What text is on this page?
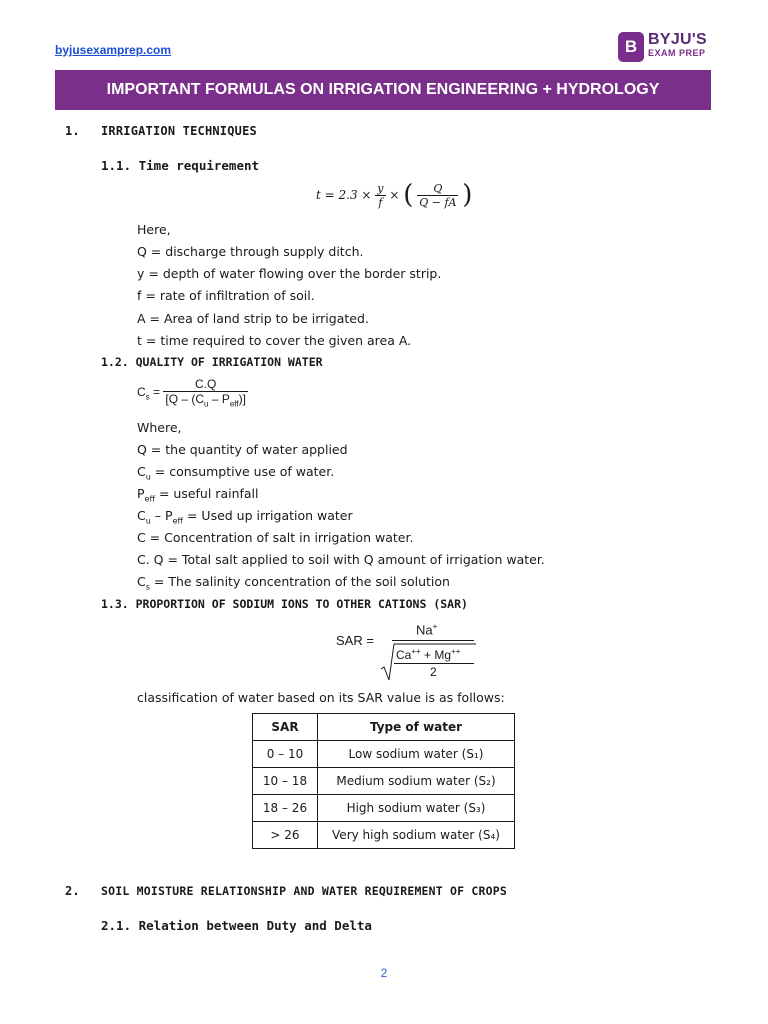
byjusexamprep.com	B BYJU'S
EXAM PREP
IMPORTANT FORMULAS ON IRRIGATION ENGINEERING + HYDROLOGY
1. IRRIGATION TECHNIQUES
1.1. Time requirement
$t = 2.3 \times \frac{y}{f}$ × ( $\frac{Q}{Q - fA}$ )
Here,
Q = discharge through supply ditch.
y = depth of water flowing over the border strip.
f = rate of infiltration of soil.
A = Area of land strip to be irrigated.
t = time required to cover the given area A.
1.2. QUALITY OF IRRIGATION WATER
$C_s = \frac{C.Q}{[Q - (C_u - P_{eff})]}$
Where,
Q = the quantity of water applied
$C_u$ = consumptive use of water.
$P_{eff}$ = useful rainfall
$C_u - P_{eff}$ = Used up irrigation water
C = Concentration of salt in irrigation water.
C. Q = Total salt applied to soil with Q amount of irrigation water.
$C_s$ = The salinity concentration of the soil solution
1.3. PROPORTION OF SODIUM IONS TO OTHER CATIONS (SAR)
SAR =
Na+
Ca++ + Mg++
2
classification of water based on its SAR value is as follows:
SAR	Type of water
0 – 10	Low sodium water (S₁)
10 – 18	Medium sodium water (S₂)
18 – 26	High sodium water (S₃)
> 26	Very high sodium water (S₄)
2. SOIL MOISTURE RELATIONSHIP AND WATER REQUIREMENT OF CROPS
2.1. Relation between Duty and Delta
2
